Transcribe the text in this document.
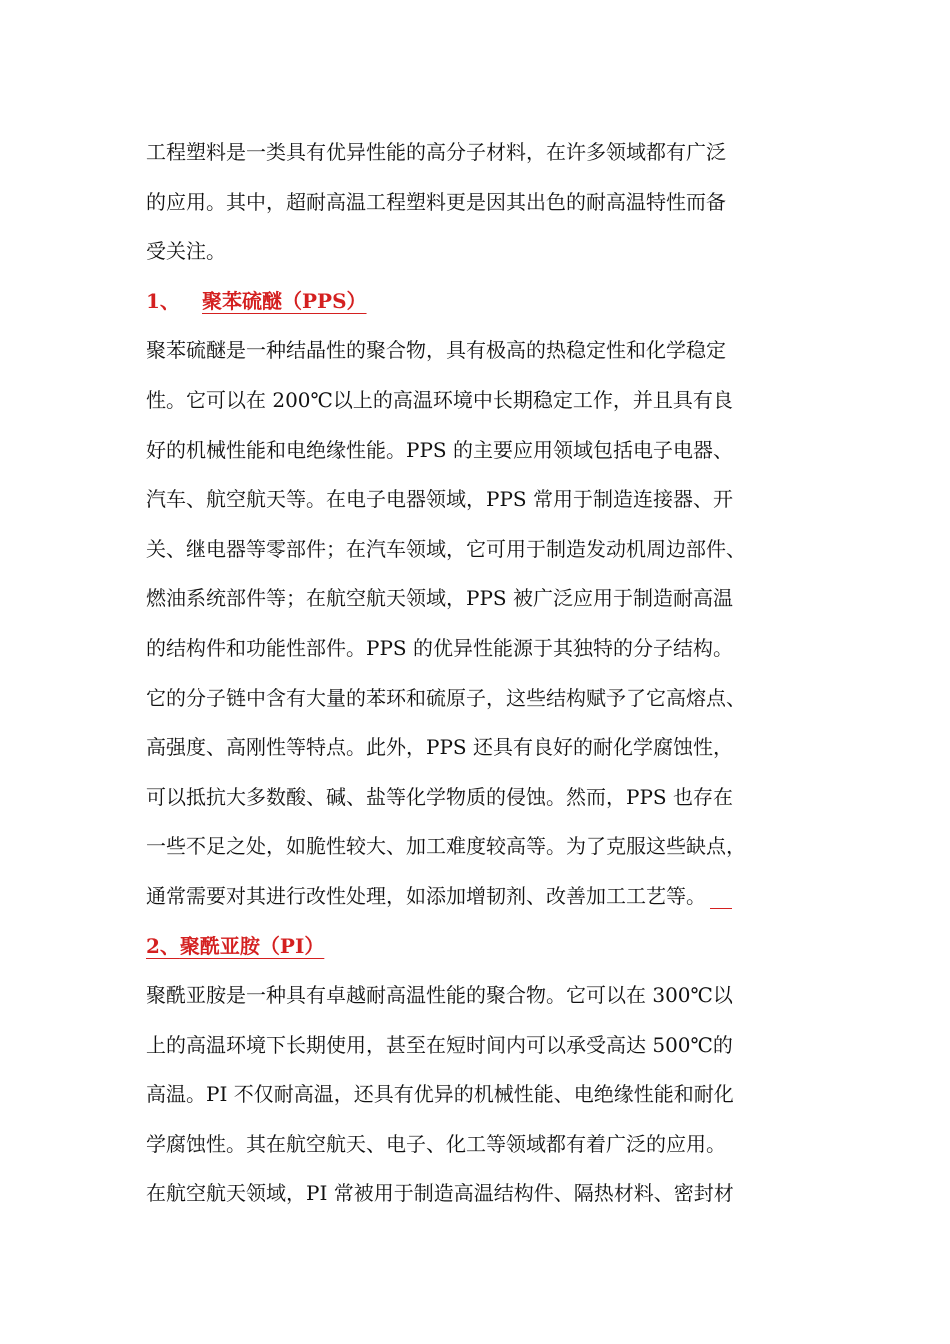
工程塑料是一类具有优异性能的高分子材料，在许多领域都有广泛
的应用。其中，超耐高温工程塑料更是因其出色的耐高温特性而备
受关注。
1、 聚苯硫醚（PPS）
聚苯硫醚是一种结晶性的聚合物，具有极高的热稳定性和化学稳定
性。它可以在 200℃以上的高温环境中长期稳定工作，并且具有良
好的机械性能和电绝缘性能。PPS 的主要应用领域包括电子电器、
汽车、航空航天等。在电子电器领域，PPS 常用于制造连接器、开
关、继电器等零部件；在汽车领域，它可用于制造发动机周边部件、
燃油系统部件等；在航空航天领域，PPS 被广泛应用于制造耐高温
的结构件和功能性部件。PPS 的优异性能源于其独特的分子结构。
它的分子链中含有大量的苯环和硫原子，这些结构赋予了它高熔点、
高强度、高刚性等特点。此外，PPS 还具有良好的耐化学腐蚀性，
可以抵抗大多数酸、碱、盐等化学物质的侵蚀。然而，PPS 也存在
一些不足之处，如脆性较大、加工难度较高等。为了克服这些缺点，
通常需要对其进行改性处理，如添加增韧剂、改善加工工艺等。
2、聚酰亚胺（PI）
聚酰亚胺是一种具有卓越耐高温性能的聚合物。它可以在 300℃以
上的高温环境下长期使用，甚至在短时间内可以承受高达 500℃的
高温。PI 不仅耐高温，还具有优异的机械性能、电绝缘性能和耐化
学腐蚀性。其在航空航天、电子、化工等领域都有着广泛的应用。
在航空航天领域，PI 常被用于制造高温结构件、隔热材料、密封材
